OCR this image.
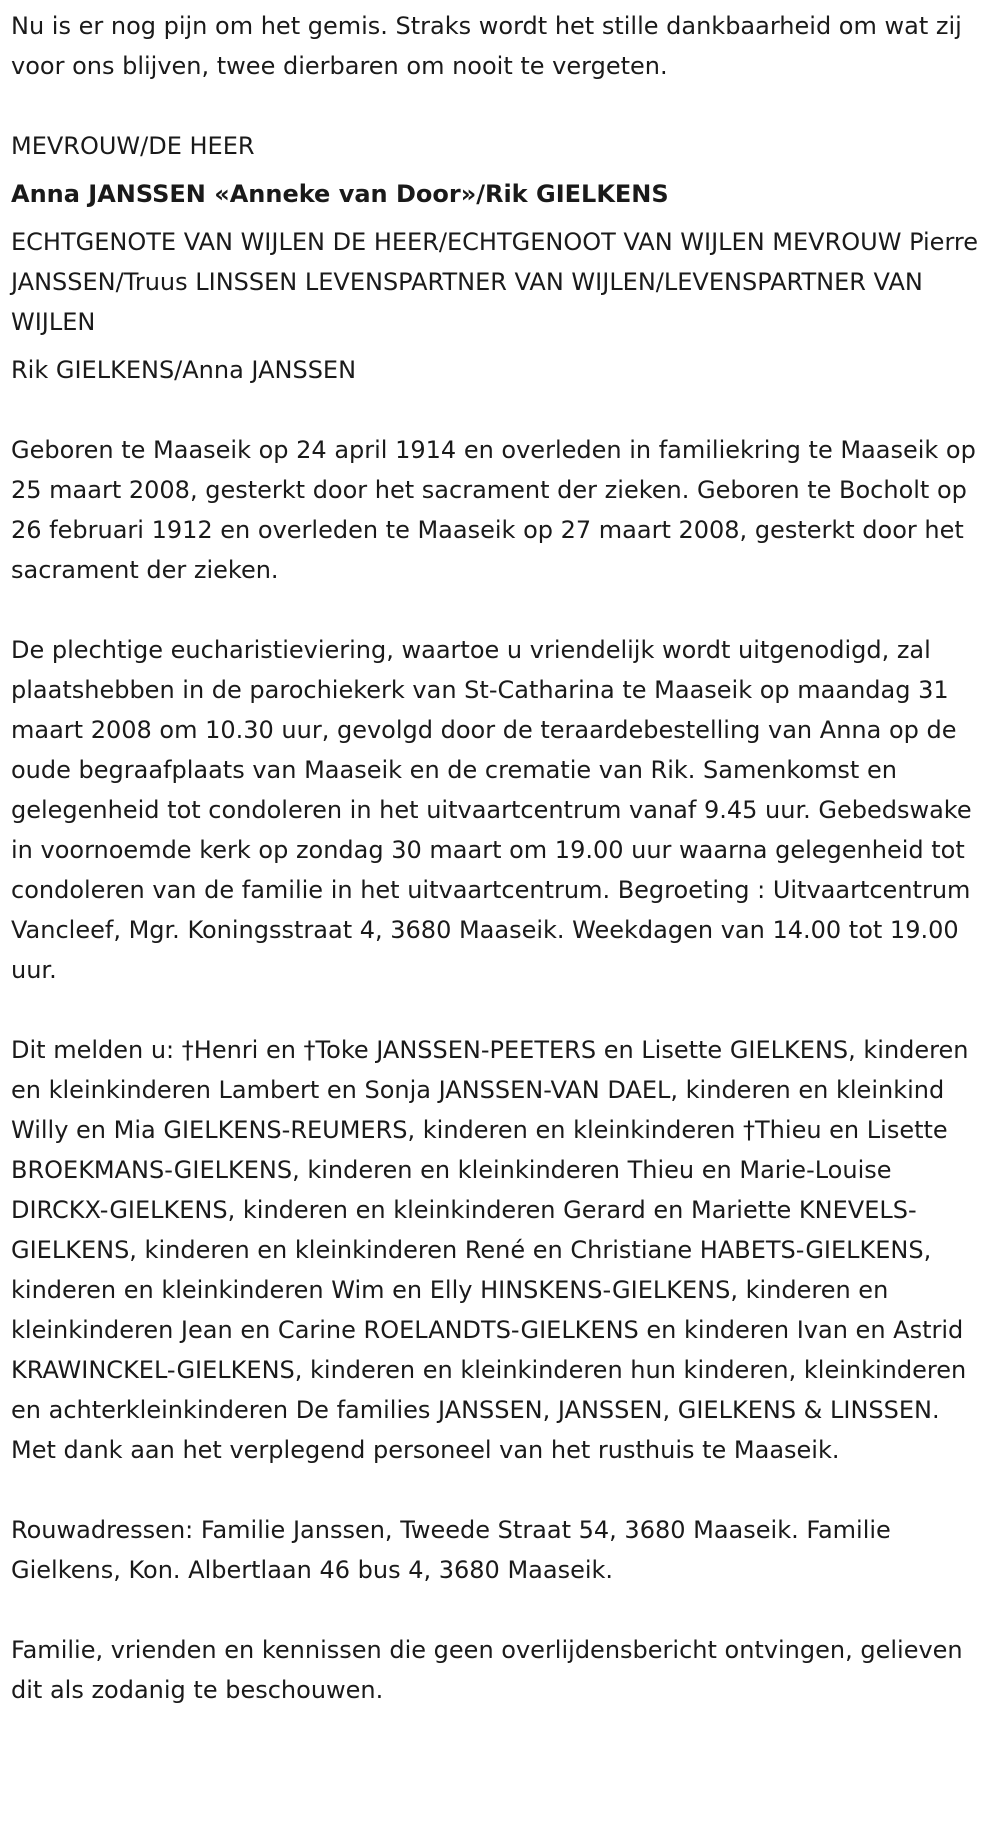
Nu is er nog pijn om het gemis. Straks wordt het stille dankbaarheid om wat zij voor ons blijven, twee dierbaren om nooit te vergeten.

MEVROUW/DE HEER

Anna JANSSEN «Anneke van Door»/Rik GIELKENS

ECHTGENOTE VAN WIJLEN DE HEER/ECHTGENOOT VAN WIJLEN MEVROUW Pierre JANSSEN/Truus LINSSEN LEVENSPARTNER VAN WIJLEN/LEVENSPARTNER VAN WIJLEN

Rik GIELKENS/Anna JANSSEN

Geboren te Maaseik op 24 april 1914 en overleden in familiekring te Maaseik op 25 maart 2008, gesterkt door het sacrament der zieken. Geboren te Bocholt op 26 februari 1912 en overleden te Maaseik op 27 maart 2008, gesterkt door het sacrament der zieken.

De plechtige eucharistieviering, waartoe u vriendelijk wordt uitgenodigd, zal plaatshebben in de parochiekerk van St-Catharina te Maaseik op maandag 31 maart 2008 om 10.30 uur, gevolgd door de teraardebestelling van Anna op de oude begraafplaats van Maaseik en de crematie van Rik. Samenkomst en gelegenheid tot condoleren in het uitvaartcentrum vanaf 9.45 uur. Gebedswake in voornoemde kerk op zondag 30 maart om 19.00 uur waarna gelegenheid tot condoleren van de familie in het uitvaartcentrum. Begroeting : Uitvaartcentrum Vancleef, Mgr. Koningsstraat 4, 3680 Maaseik. Weekdagen van 14.00 tot 19.00 uur.

Dit melden u: †Henri en †Toke JANSSEN-PEETERS en Lisette GIELKENS, kinderen en kleinkinderen Lambert en Sonja JANSSEN-VAN DAEL, kinderen en kleinkind Willy en Mia GIELKENS-REUMERS, kinderen en kleinkinderen †Thieu en Lisette BROEKMANS-GIELKENS, kinderen en kleinkinderen Thieu en Marie-Louise DIRCKX-GIELKENS, kinderen en kleinkinderen Gerard en Mariette KNEVELS-GIELKENS, kinderen en kleinkinderen René en Christiane HABETS-GIELKENS, kinderen en kleinkinderen Wim en Elly HINSKENS-GIELKENS, kinderen en kleinkinderen Jean en Carine ROELANDTS-GIELKENS en kinderen Ivan en Astrid KRAWINCKEL-GIELKENS, kinderen en kleinkinderen hun kinderen, kleinkinderen en achterkleinkinderen De families JANSSEN, JANSSEN, GIELKENS & LINSSEN. Met dank aan het verplegend personeel van het rusthuis te Maaseik.

Rouwadressen: Familie Janssen, Tweede Straat 54, 3680 Maaseik. Familie Gielkens, Kon. Albertlaan 46 bus 4, 3680 Maaseik.

Familie, vrienden en kennissen die geen overlijdensbericht ontvingen, gelieven dit als zodanig te beschouwen.
